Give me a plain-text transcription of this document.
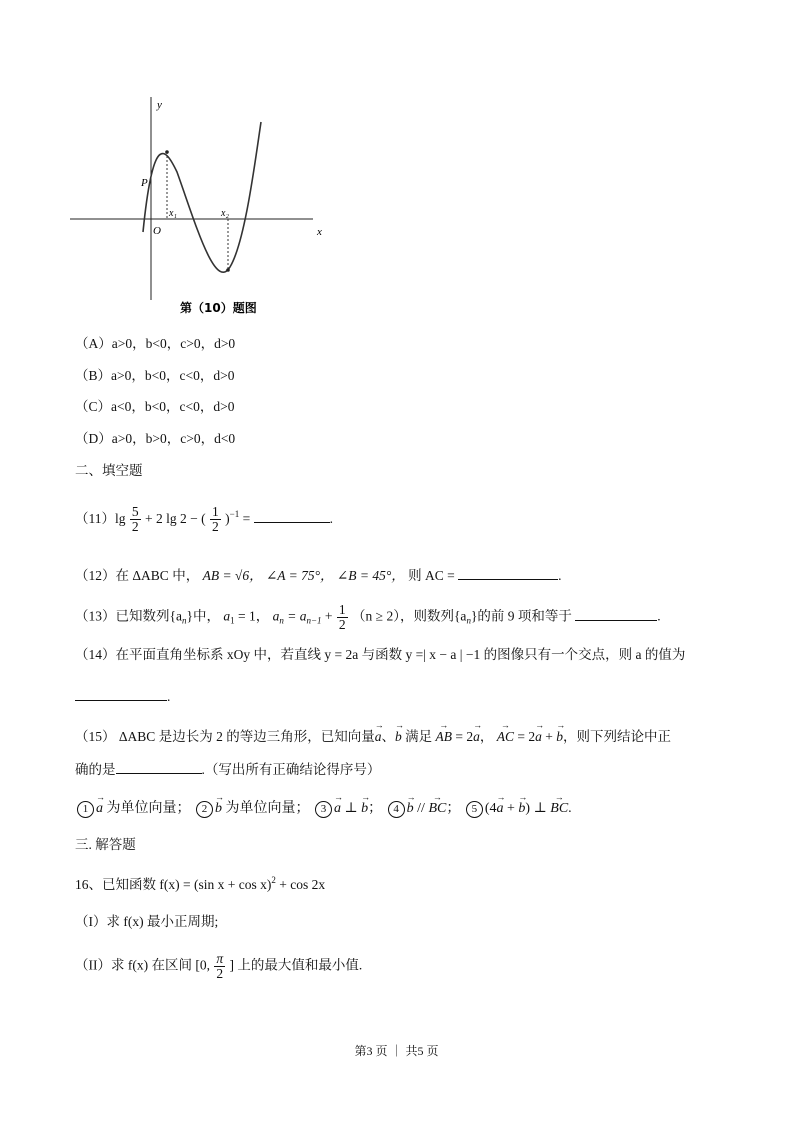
y
x
O
P
x₁	x₂
第（10）题图
（A）a>0，b<0，c>0，d>0
（B）a>0，b<0，c<0，d>0
（C）a<0，b<0，c<0，d>0
（D）a>0，b>0，c>0，d<0
二、填空题
$(11)\lg \frac{5}{2} + 2$ lg 2 − ( $\frac{1}{2} )^{-1}$ =	.
（12）在 ΔABC 中， AB = √6， ∠A = 75°， ∠B = 45°， 则 AC =	.
（13）已知数列$\{a_n\}$中， $a_1 = 1$， $a_n = a_{n-1} + \frac{1}{2} (n \ge 2)$，则数列$\{a_n\}$的前 9 项和等于	.
（14）在平面直角坐标系 xOy 中，若直线 y = 2a 与函数 y =| x − a | −1 的图像只有一个交点，则 a 的值为
.
（15） ΔABC 是边长为 2 的等边三角形，已知向量→ a、→ b 满足 → AB = 2→ a， → AC = 2→ a + → b，则下列结论中正
确的是	.（写出所有正确结论得序号）
1 → a 为单位向量； 2 → b 为单位向量； 3 → a ⊥ → b； 4 → b // → BC； 5 (4→ a + → b) ⊥ → BC.
三. 解答题
16、已知函数 f(x) = (sin x + cos x)$^2$ + cos 2x
（I）求 f(x) 最小正周期;
（II）求 f(x) 在区间 [0, $\frac{\pi}{2}$ ] 上的最大值和最小值.
第3 页 ｜ 共5 页
